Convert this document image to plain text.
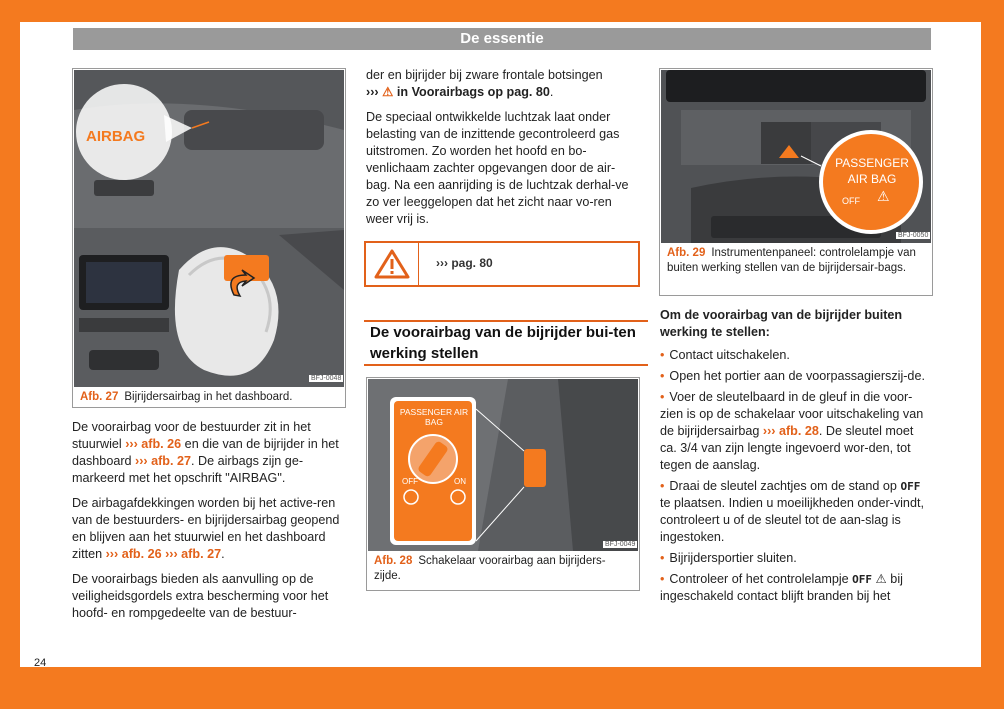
De essentie
AIRBAG
BFJ-0048
Afb. 27 Bijrijdersairbag in het dashboard.

De voorairbag voor de bestuurder zit in het stuurwiel ››› afb. 26 en die van de bijrijder in het dashboard ››› afb. 27. De airbags zijn ge-markeerd met het opschrift "AIRBAG".

De airbagafdekkingen worden bij het active-ren van de bestuurders- en bijrijdersairbag geopend en blijven aan het stuurwiel en het dashboard zitten ››› afb. 26 ››› afb. 27.

De voorairbags bieden als aanvulling op de veiligheidsgordels extra bescherming voor het hoofd- en rompgedeelte van de bestuur-

der en bijrijder bij zware frontale botsingen
››› ⚠ in Voorairbags op pag. 80.

De speciaal ontwikkelde luchtzak laat onder belasting van de inzittende gecontroleerd gas uitstromen. Zo worden het hoofd en bo-venlichaam zachter opgevangen door de air-bag. Na een aanrijding is de luchtzak derhal-ve zo ver leeggelopen dat het zicht naar vo-ren weer vrij is.

››› pag. 80
De voorairbag van de bijrijder bui-ten werking stellen
PASSENGER AIR BAG
OFF	ON
BFJ-0049
Afb. 28 Schakelaar voorairbag aan bijrijders-zijde.
PASSENGER
AIR BAG
OFF ⚠
BFJ-0050
Afb. 29 Instrumentenpaneel: controlelampje van buiten werking stellen van de bijrijdersair-bags.

Om de voorairbag van de bijrijder buiten werking te stellen:

• Contact uitschakelen.

• Open het portier aan de voorpassagierszij-de.

• Voer de sleutelbaard in de gleuf in die voor-zien is op de schakelaar voor uitschakeling van de bijrijdersairbag ››› afb. 28. De sleutel moet ca. 3/4 van zijn lengte ingevoerd wor-den, tot tegen de aanslag.

• Draai de sleutel zachtjes om de stand op OFF te plaatsen. Indien u moeilijkheden onder-vindt, controleert u of de sleutel tot de aan-slag is ingestoken.

• Bijrijdersportier sluiten.

• Controleer of het controlelampje OFF ⚠ bij ingeschakeld contact blijft branden bij het

24
